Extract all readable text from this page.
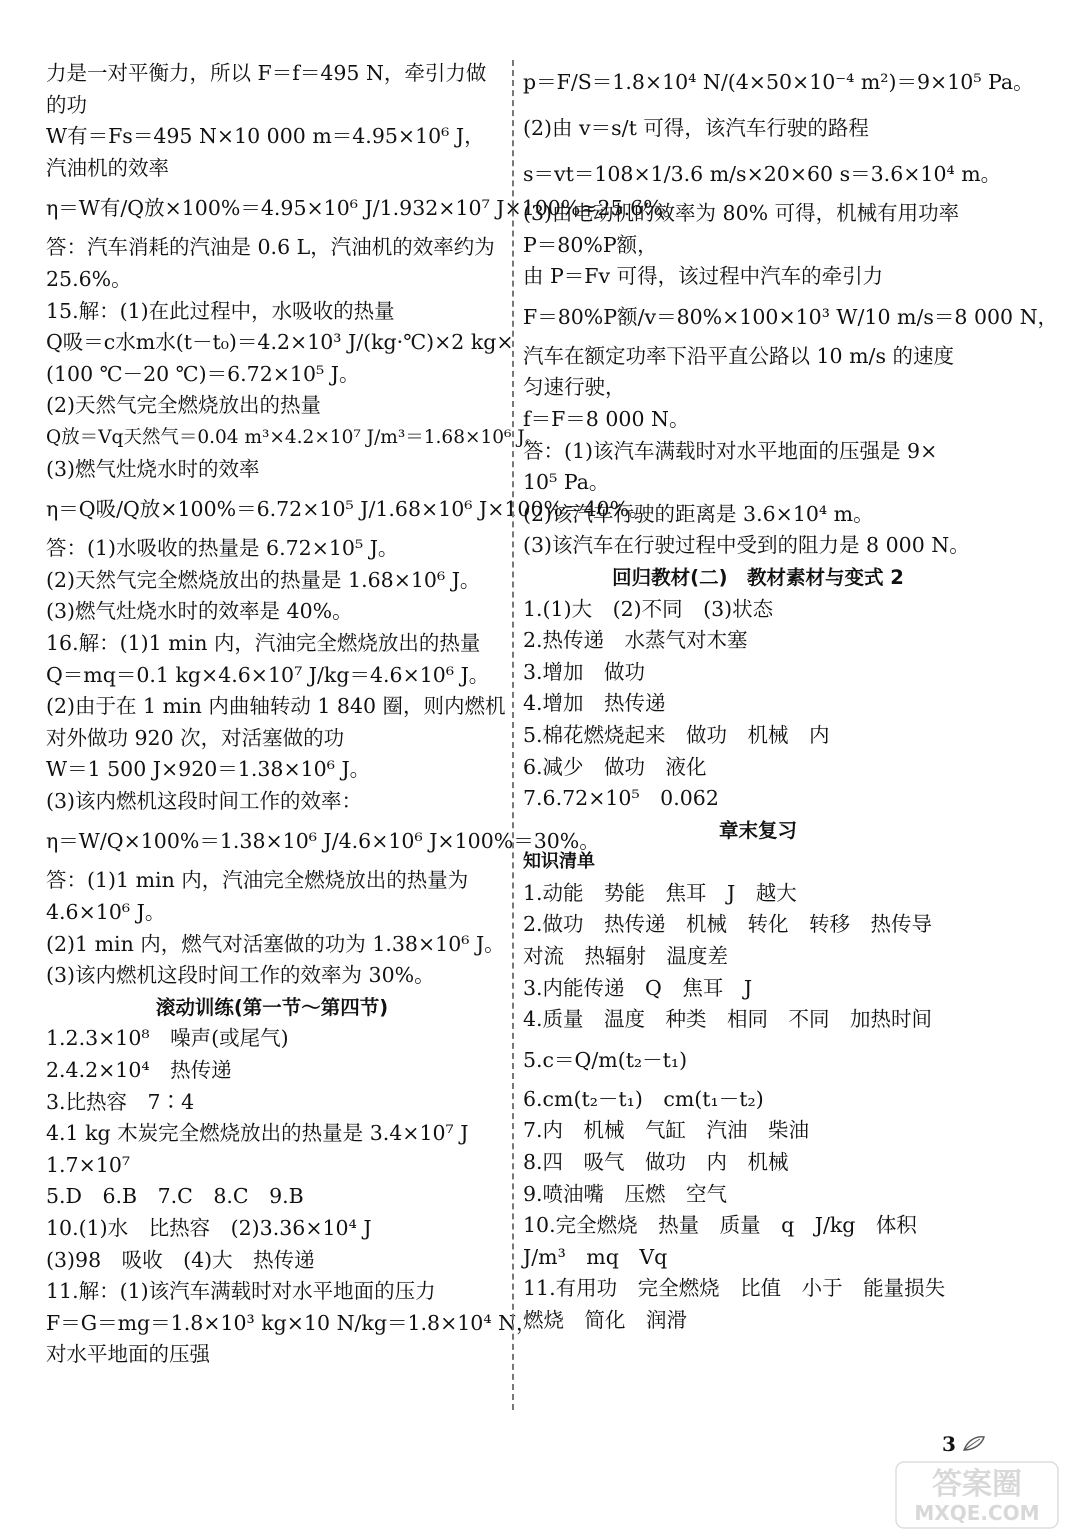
力是一对平衡力，所以 F＝f＝495 N，牵引力做
的功
W有＝Fs＝495 N×10 000 m＝4.95×10⁶ J，
汽油机的效率
η＝W有/Q放×100%＝4.95×10⁶ J/1.932×10⁷ J×100%≈25.6%。
答：汽车消耗的汽油是 0.6 L，汽油机的效率约为
25.6%。
15.解：(1)在此过程中，水吸收的热量
Q吸＝c水m水(t－t₀)＝4.2×10³ J/(kg·℃)×2 kg×
(100 ℃－20 ℃)＝6.72×10⁵ J。
(2)天然气完全燃烧放出的热量
Q放＝Vq天然气＝0.04 m³×4.2×10⁷ J/m³＝1.68×10⁶ J。
(3)燃气灶烧水时的效率
η＝Q吸/Q放×100%＝6.72×10⁵ J/1.68×10⁶ J×100%＝40%。
答：(1)水吸收的热量是 6.72×10⁵ J。
(2)天然气完全燃烧放出的热量是 1.68×10⁶ J。
(3)燃气灶烧水时的效率是 40%。
16.解：(1)1 min 内，汽油完全燃烧放出的热量
Q＝mq＝0.1 kg×4.6×10⁷ J/kg＝4.6×10⁶ J。
(2)由于在 1 min 内曲轴转动 1 840 圈，则内燃机
对外做功 920 次，对活塞做的功
W＝1 500 J×920＝1.38×10⁶ J。
(3)该内燃机这段时间工作的效率：
η＝W/Q×100%＝1.38×10⁶ J/4.6×10⁶ J×100%＝30%。
答：(1)1 min 内，汽油完全燃烧放出的热量为
4.6×10⁶ J。
(2)1 min 内，燃气对活塞做的功为 1.38×10⁶ J。
(3)该内燃机这段时间工作的效率为 30%。
滚动训练(第一节～第四节)
1.2.3×10⁸　噪声(或尾气)
2.4.2×10⁴　热传递
3.比热容　7∶4
4.1 kg 木炭完全燃烧放出的热量是 3.4×10⁷ J
1.7×10⁷
5.D　6.B　7.C　8.C　9.B
10.(1)水　比热容　(2)3.36×10⁴ J
(3)98　吸收　(4)大　热传递
11.解：(1)该汽车满载时对水平地面的压力
F＝G＝mg＝1.8×10³ kg×10 N/kg＝1.8×10⁴ N，
对水平地面的压强
p＝F/S＝1.8×10⁴ N/(4×50×10⁻⁴ m²)＝9×10⁵ Pa。
(2)由 v＝s/t 可得，该汽车行驶的路程
s＝vt＝108×1/3.6 m/s×20×60 s＝3.6×10⁴ m。
(3)由电动机的效率为 80% 可得，机械有用功率
P＝80%P额，
由 P＝Fv 可得，该过程中汽车的牵引力
F＝80%P额/v＝80%×100×10³ W/10 m/s＝8 000 N，
汽车在额定功率下沿平直公路以 10 m/s 的速度
匀速行驶，
f＝F＝8 000 N。
答：(1)该汽车满载时对水平地面的压强是 9×
10⁵ Pa。
(2)该汽车行驶的距离是 3.6×10⁴ m。
(3)该汽车在行驶过程中受到的阻力是 8 000 N。
回归教材(二)　教材素材与变式 2
1.(1)大　(2)不同　(3)状态
2.热传递　水蒸气对木塞
3.增加　做功
4.增加　热传递
5.棉花燃烧起来　做功　机械　内
6.减少　做功　液化
7.6.72×10⁵　0.062
章末复习
知识清单
1.动能　势能　焦耳　J　越大
2.做功　热传递　机械　转化　转移　热传导
对流　热辐射　温度差
3.内能传递　Q　焦耳　J
4.质量　温度　种类　相同　不同　加热时间
5.c＝Q/m(t₂－t₁)
6.cm(t₂－t₁)　cm(t₁－t₂)
7.内　机械　气缸　汽油　柴油
8.四　吸气　做功　内　机械
9.喷油嘴　压燃　空气
10.完全燃烧　热量　质量　q　J/kg　体积
J/m³　mq　Vq
11.有用功　完全燃烧　比值　小于　能量损失
燃烧　简化　润滑
3
答案圈
MXQE.COM
